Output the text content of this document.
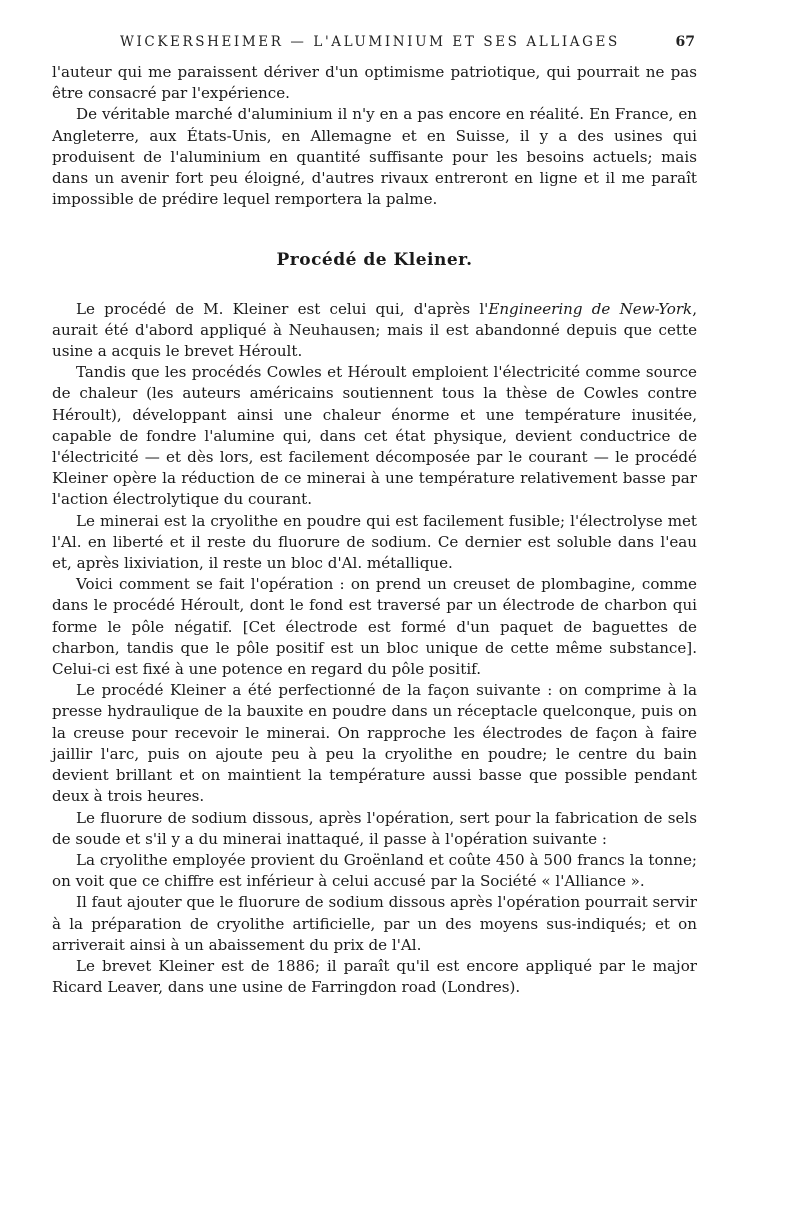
WICKERSHEIMER — L'ALUMINIUM ET SES ALLIAGES	67

l'auteur qui me paraissent dériver d'un optimisme patriotique, qui pourrait ne pas être consacré par l'expérience.

De véritable marché d'aluminium il n'y en a pas encore en réalité. En France, en Angleterre, aux États-Unis, en Allemagne et en Suisse, il y a des usines qui produisent de l'aluminium en quantité suffisante pour les besoins actuels; mais dans un avenir fort peu éloigné, d'autres rivaux entreront en ligne et il me paraît impossible de prédire lequel remportera la palme.

Procédé de Kleiner.

Le procédé de M. Kleiner est celui qui, d'après l'Engineering de New-York, aurait été d'abord appliqué à Neuhausen; mais il est abandonné depuis que cette usine a acquis le brevet Héroult.

Tandis que les procédés Cowles et Héroult emploient l'électricité comme source de chaleur (les auteurs américains soutiennent tous la thèse de Cowles contre Héroult), développant ainsi une chaleur énorme et une température inusitée, capable de fondre l'alumine qui, dans cet état physique, devient conductrice de l'électricité — et dès lors, est facilement décomposée par le courant — le procédé Kleiner opère la réduction de ce minerai à une température relativement basse par l'action électrolytique du courant.

Le minerai est la cryolithe en poudre qui est facilement fusible; l'électrolyse met l'Al. en liberté et il reste du fluorure de sodium. Ce dernier est soluble dans l'eau et, après lixiviation, il reste un bloc d'Al. métallique.

Voici comment se fait l'opération : on prend un creuset de plombagine, comme dans le procédé Héroult, dont le fond est traversé par un électrode de charbon qui forme le pôle négatif. [Cet électrode est formé d'un paquet de baguettes de charbon, tandis que le pôle positif est un bloc unique de cette même substance]. Celui-ci est fixé à une potence en regard du pôle positif.

Le procédé Kleiner a été perfectionné de la façon suivante : on comprime à la presse hydraulique de la bauxite en poudre dans un réceptacle quelconque, puis on la creuse pour recevoir le minerai. On rapproche les électrodes de façon à faire jaillir l'arc, puis on ajoute peu à peu la cryolithe en poudre; le centre du bain devient brillant et on maintient la température aussi basse que possible pendant deux à trois heures.

Le fluorure de sodium dissous, après l'opération, sert pour la fabrication de sels de soude et s'il y a du minerai inattaqué, il passe à l'opération suivante :

La cryolithe employée provient du Groënland et coûte 450 à 500 francs la tonne; on voit que ce chiffre est inférieur à celui accusé par la Société « l'Alliance ».

Il faut ajouter que le fluorure de sodium dissous après l'opération pourrait servir à la préparation de cryolithe artificielle, par un des moyens sus-indiqués; et on arriverait ainsi à un abaissement du prix de l'Al.

Le brevet Kleiner est de 1886; il paraît qu'il est encore appliqué par le major Ricard Leaver, dans une usine de Farringdon road (Londres).
